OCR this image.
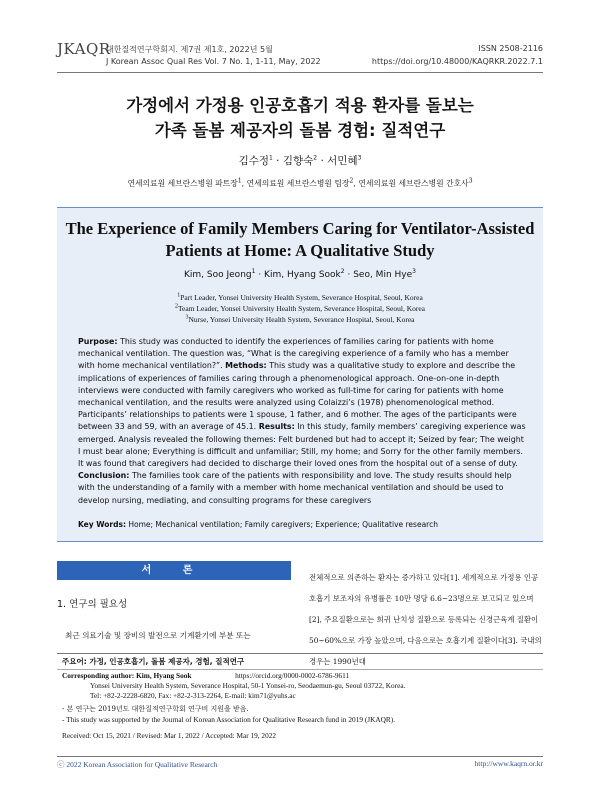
JKAQR
대한질적연구학회지. 제7권 제1호, 2022년 5월
J Korean Assoc Qual Res Vol. 7 No. 1, 1-11, May, 2022
ISSN 2508-2116
https://doi.org/10.48000/KAQRKR.2022.7.1
가정에서 가정용 인공호흡기 적용 환자를 돌보는
가족 돌봄 제공자의 돌봄 경험: 질적연구
김수정$^1$ · 김향숙$^2$ · 서민혜$^3$
연세의료원 세브란스병원 파트장$^1$, 연세의료원 세브란스병원 팀장$^2$, 연세의료원 세브란스병원 간호사$^3$
The Experience of Family Members Caring for Ventilator-Assisted
Patients at Home: A Qualitative Study
Kim, Soo Jeong$^1$ · Kim, Hyang Sook$^2$ · Seo, Min Hye$^3$
$^1$Part Leader, Yonsei University Health System, Severance Hospital, Seoul, Korea
$^2$Team Leader, Yonsei University Health System, Severance Hospital, Seoul, Korea
$^3$Nurse, Yonsei University Health System, Severance Hospital, Seoul, Korea
Purpose: This study was conducted to identify the experiences of families caring for patients with home mechanical ventilation. The question was, “What is the caregiving experience of a family who has a member with home mechanical ventilation?”. Methods: This study was a qualitative study to explore and describe the implications of experiences of families caring through a phenomenological approach. One-on-one in-depth interviews were conducted with family caregivers who worked as full-time for caring for patients with home mechanical ventilation, and the results were analyzed using Colaizzi’s (1978) phenomenological method. Participants’ relationships to patients were 1 spouse, 1 father, and 6 mother. The ages of the participants were between 33 and 59, with an average of 45.1. Results: In this study, family members’ caregiving experience was emerged. Analysis revealed the following themes: Felt burdened but had to accept it; Seized by fear; The weight I must bear alone; Everything is difficult and unfamiliar; Still, my home; and Sorry for the other family members. It was found that caregivers had decided to discharge their loved ones from the hospital out of a sense of duty. Conclusion: The families took care of the patients with responsibility and love. The study results should help with the understanding of a family with a member with home mechanical ventilation and should be used to develop nursing, mediating, and consulting programs for these caregivers
Key Words: Home; Mechanical ventilation; Family caregivers; Experience; Qualitative research
서 론
1. 연구의 필요성
최근 의료기술 및 장비의 발전으로 기계환기에 부분 또는
전체적으로 의존하는 환자는 증가하고 있다[1]. 세계적으로 가정용 인공호흡기 보조자의 유병률은 10만 명당 6.6~23명으로 보고되고 있으며[2], 주요질환으로는 희귀 난치성 질환으로 등록되는 신경근육계 질환이 50~60%으로 가장 높았으며, 다음으로는 호흡기계 질환이다[3]. 국내의 경우는 1990년대
주요어: 가정, 인공호흡기, 돌봄 제공자, 경험, 질적연구
Corresponding author: Kim, Hyang Sook	https://orcid.org/0000-0002-6786-9611
Yonsei University Health System, Severance Hospital, 50-1 Yonsei-ro, Seodaemun-gu, Seoul 03722, Korea.
Tel: +82-2-2228-6820, Fax: +82-2-313-2264, E-mail: kim71@yuhs.ac
- 본 연구는 2019년도 대한질적연구학회 연구비 지원을 받음.
- This study was supported by the Journal of Korean Association for Qualitative Research fund in 2019 (JKAQR).
Received: Oct 15, 2021 / Revised: Mar 1, 2022 / Accepted: Mar 19, 2022
ⓒ 2022 Korean Association for Qualitative Research	http://www.kaqrn.or.kr
